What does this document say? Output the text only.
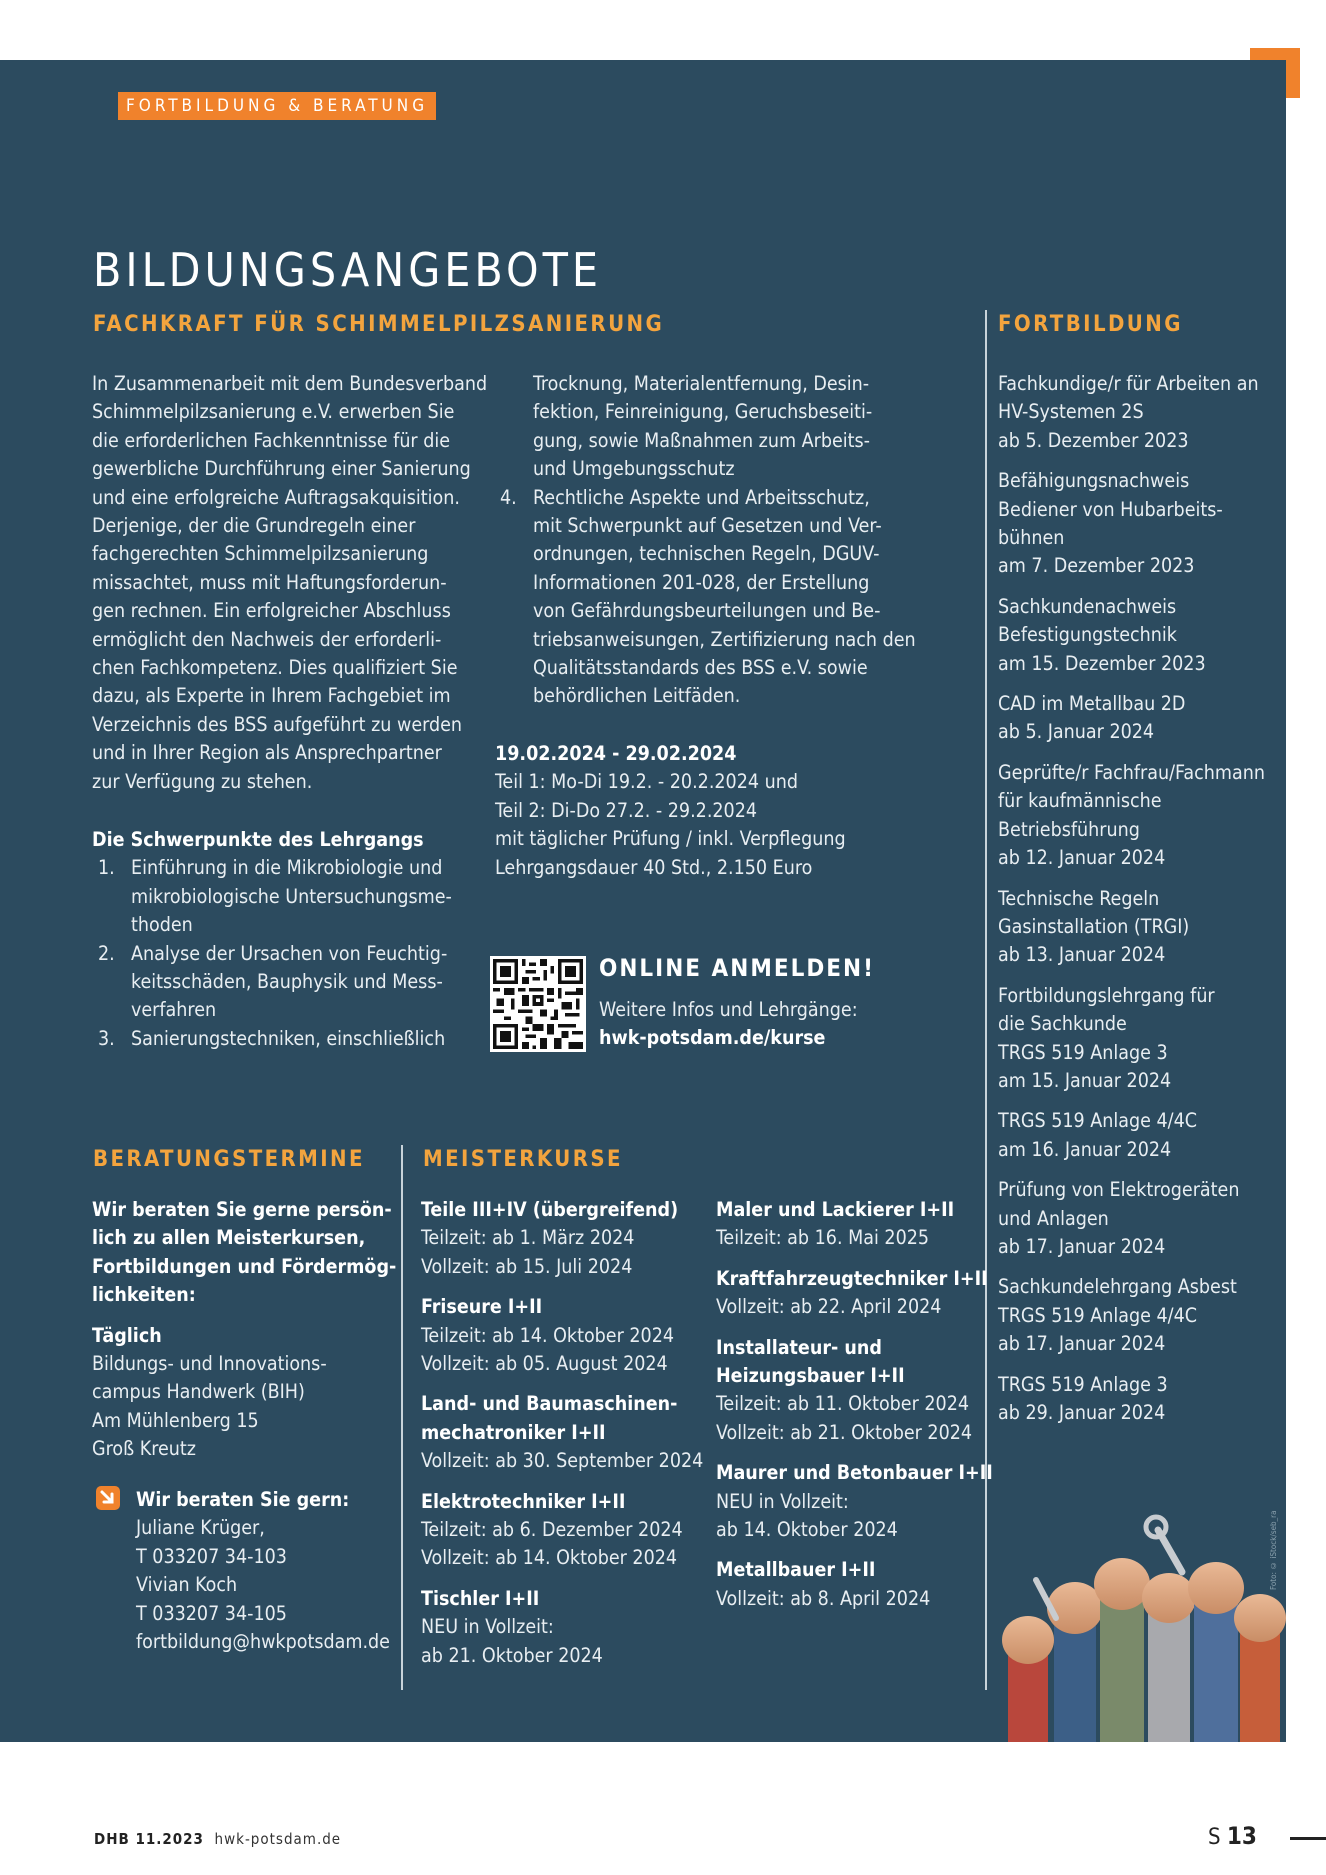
FORTBILDUNG & BERATUNG
BILDUNGSANGEBOTE
FACHKRAFT FÜR SCHIMMELPILZSANIERUNG
In Zusammenarbeit mit dem Bundesverband
Schimmelpilzsanierung e.V. erwerben Sie
die erforderlichen Fachkenntnisse für die
gewerbliche Durchführung einer Sanierung
und eine erfolgreiche Auftragsakquisition.
Derjenige, der die Grundregeln einer
fachgerechten Schimmelpilzsanierung
missachtet, muss mit Haftungsforderun-
gen rechnen. Ein erfolgreicher Abschluss
ermöglicht den Nachweis der erforderli-
chen Fachkompetenz. Dies qualifiziert Sie
dazu, als Experte in Ihrem Fachgebiet im
Verzeichnis des BSS aufgeführt zu werden
und in Ihrer Region als Ansprechpartner
zur Verfügung zu stehen.
Die Schwerpunkte des Lehrgangs
1. Einführung in die Mikrobiologie und
mikrobiologische Untersuchungsme-
thoden
2. Analyse der Ursachen von Feuchtig-
keitsschäden, Bauphysik und Mess-
verfahren
3. Sanierungstechniken, einschließlich
Trocknung, Materialentfernung, Desin-
fektion, Feinreinigung, Geruchsbeseiti-
gung, sowie Maßnahmen zum Arbeits-
und Umgebungsschutz
4. Rechtliche Aspekte und Arbeitsschutz,
mit Schwerpunkt auf Gesetzen und Ver-
ordnungen, technischen Regeln, DGUV-
Informationen 201-028, der Erstellung
von Gefährdungsbeurteilungen und Be-
triebsanweisungen, Zertifizierung nach den
Qualitätsstandards des BSS e.V. sowie
behördlichen Leitfäden.
19.02.2024 - 29.02.2024
Teil 1: Mo-Di 19.2. - 20.2.2024 und
Teil 2: Di-Do 27.2. - 29.2.2024
mit täglicher Prüfung / inkl. Verpflegung
Lehrgangsdauer 40 Std., 2.150 Euro
ONLINE ANMELDEN!
Weitere Infos und Lehrgänge:
hwk-potsdam.de/kurse
FORTBILDUNG
Fachkundige/r für Arbeiten an
HV-Systemen 2S
ab 5. Dezember 2023
Befähigungsnachweis
Bediener von Hubarbeits-
bühnen
am 7. Dezember 2023
Sachkundenachweis
Befestigungstechnik
am 15. Dezember 2023
CAD im Metallbau 2D
ab 5. Januar 2024
Geprüfte/r Fachfrau/Fachmann
für kaufmännische
Betriebsführung
ab 12. Januar 2024
Technische Regeln
Gasinstallation (TRGI)
ab 13. Januar 2024
Fortbildungslehrgang für
die Sachkunde
TRGS 519 Anlage 3
am 15. Januar 2024
TRGS 519 Anlage 4/4C
am 16. Januar 2024
Prüfung von Elektrogeräten
und Anlagen
ab 17. Januar 2024
Sachkundelehrgang Asbest
TRGS 519 Anlage 4/4C
ab 17. Januar 2024
TRGS 519 Anlage 3
ab 29. Januar 2024
BERATUNGSTERMINE
Wir beraten Sie gerne persön-
lich zu allen Meisterkursen,
Fortbildungen und Fördermög-
lichkeiten:
Täglich
Bildungs- und Innovations-
campus Handwerk (BIH)
Am Mühlenberg 15
Groß Kreutz
Wir beraten Sie gern:
Juliane Krüger,
T 033207 34-103
Vivian Koch
T 033207 34-105
fortbildung@hwkpotsdam.de
MEISTERKURSE
Teile III+IV (übergreifend)
Teilzeit: ab 1. März 2024
Vollzeit: ab 15. Juli 2024
Friseure I+II
Teilzeit: ab 14. Oktober 2024
Vollzeit: ab 05. August 2024
Land- und Baumaschinen-
mechatroniker I+II
Vollzeit: ab 30. September 2024
Elektrotechniker I+II
Teilzeit: ab 6. Dezember 2024
Vollzeit: ab 14. Oktober 2024
Tischler I+II
NEU in Vollzeit:
ab 21. Oktober 2024
Maler und Lackierer I+II
Teilzeit: ab 16. Mai 2025
Kraftfahrzeugtechniker I+II
Vollzeit: ab 22. April 2024
Installateur- und
Heizungsbauer I+II
Teilzeit: ab 11. Oktober 2024
Vollzeit: ab 21. Oktober 2024
Maurer und Betonbauer I+II
NEU in Vollzeit:
ab 14. Oktober 2024
Metallbauer I+II
Vollzeit: ab 8. April 2024
Foto: © iStock/seb_ra
DHB 11.2023 hwk-potsdam.de	S 13
